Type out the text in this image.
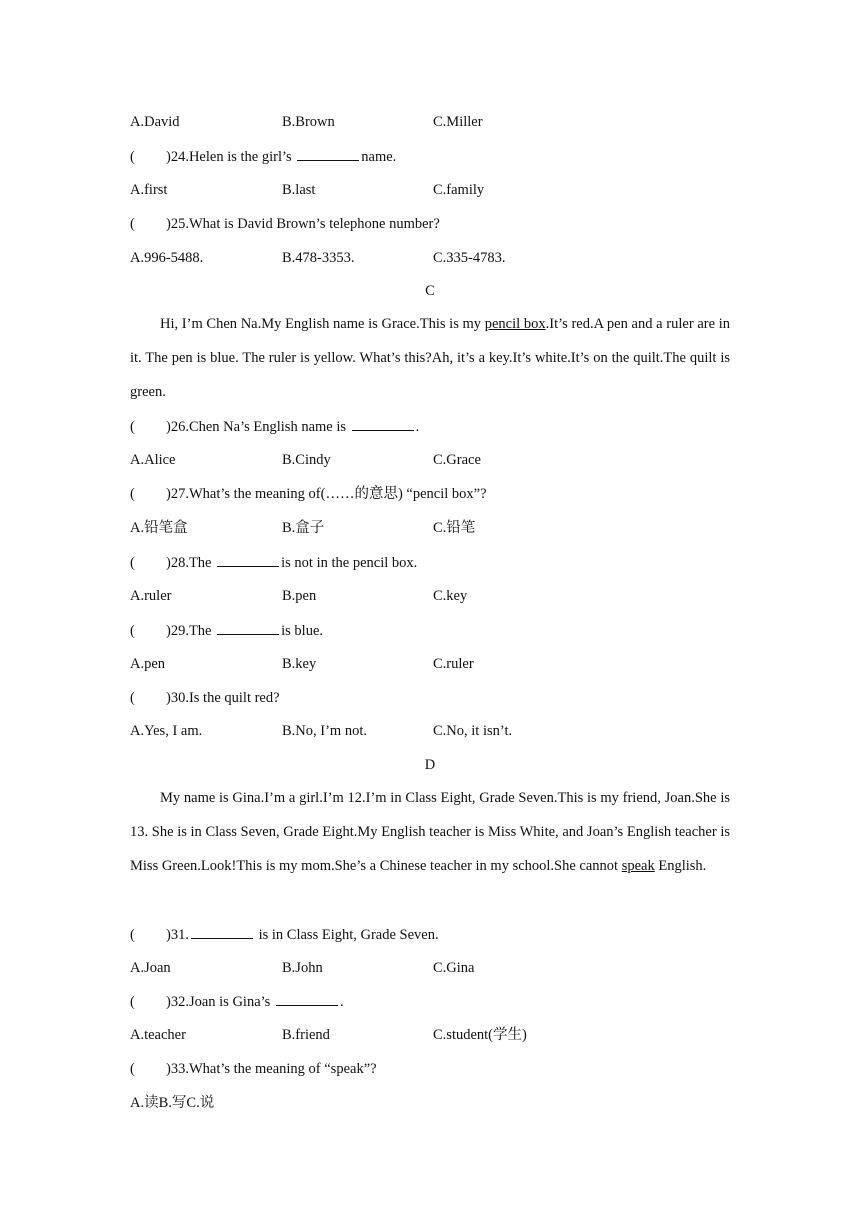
A.David	B.Brown	C.Miller
( )24.Helen is the girl’s	name.
A.first	B.last	C.family
( )25.What is David Brown’s telephone number?
A.996-5488.	B.478-3353.	C.335-4783.
C
Hi, I’m Chen Na.My English name is Grace.This is my pencil box.It’s red.A pen and a ruler are in it. The pen is blue. The ruler is yellow. What’s this?Ah, it’s a key.It’s white.It’s on the quilt.The quilt is green.
( )26.Chen Na’s English name is	.
A.Alice	B.Cindy	C.Grace
( )27.What’s the meaning of(……的意思) “pencil box”?
A.铅笔盒	B.盒子	C.铅笔
( )28.The	is not in the pencil box.
A.ruler	B.pen	C.key
( )29.The	is blue.
A.pen	B.key	C.ruler
( )30.Is the quilt red?
A.Yes, I am.	B.No, I’m not.	C.No, it isn’t.
D
My name is Gina.I’m a girl.I’m 12.I’m in Class Eight, Grade Seven.This is my friend, Joan.She is 13. She is in Class Seven, Grade Eight.My English teacher is Miss White, and Joan’s English teacher is Miss Green.Look!This is my mom.She’s a Chinese teacher in my school.She cannot speak English.
( )31.	is in Class Eight, Grade Seven.
A.Joan	B.John	C.Gina
( )32.Joan is Gina’s	.
A.teacher	B.friend	C.student(学生)
( )33.What’s the meaning of “speak”?
A.读B.写C.说
